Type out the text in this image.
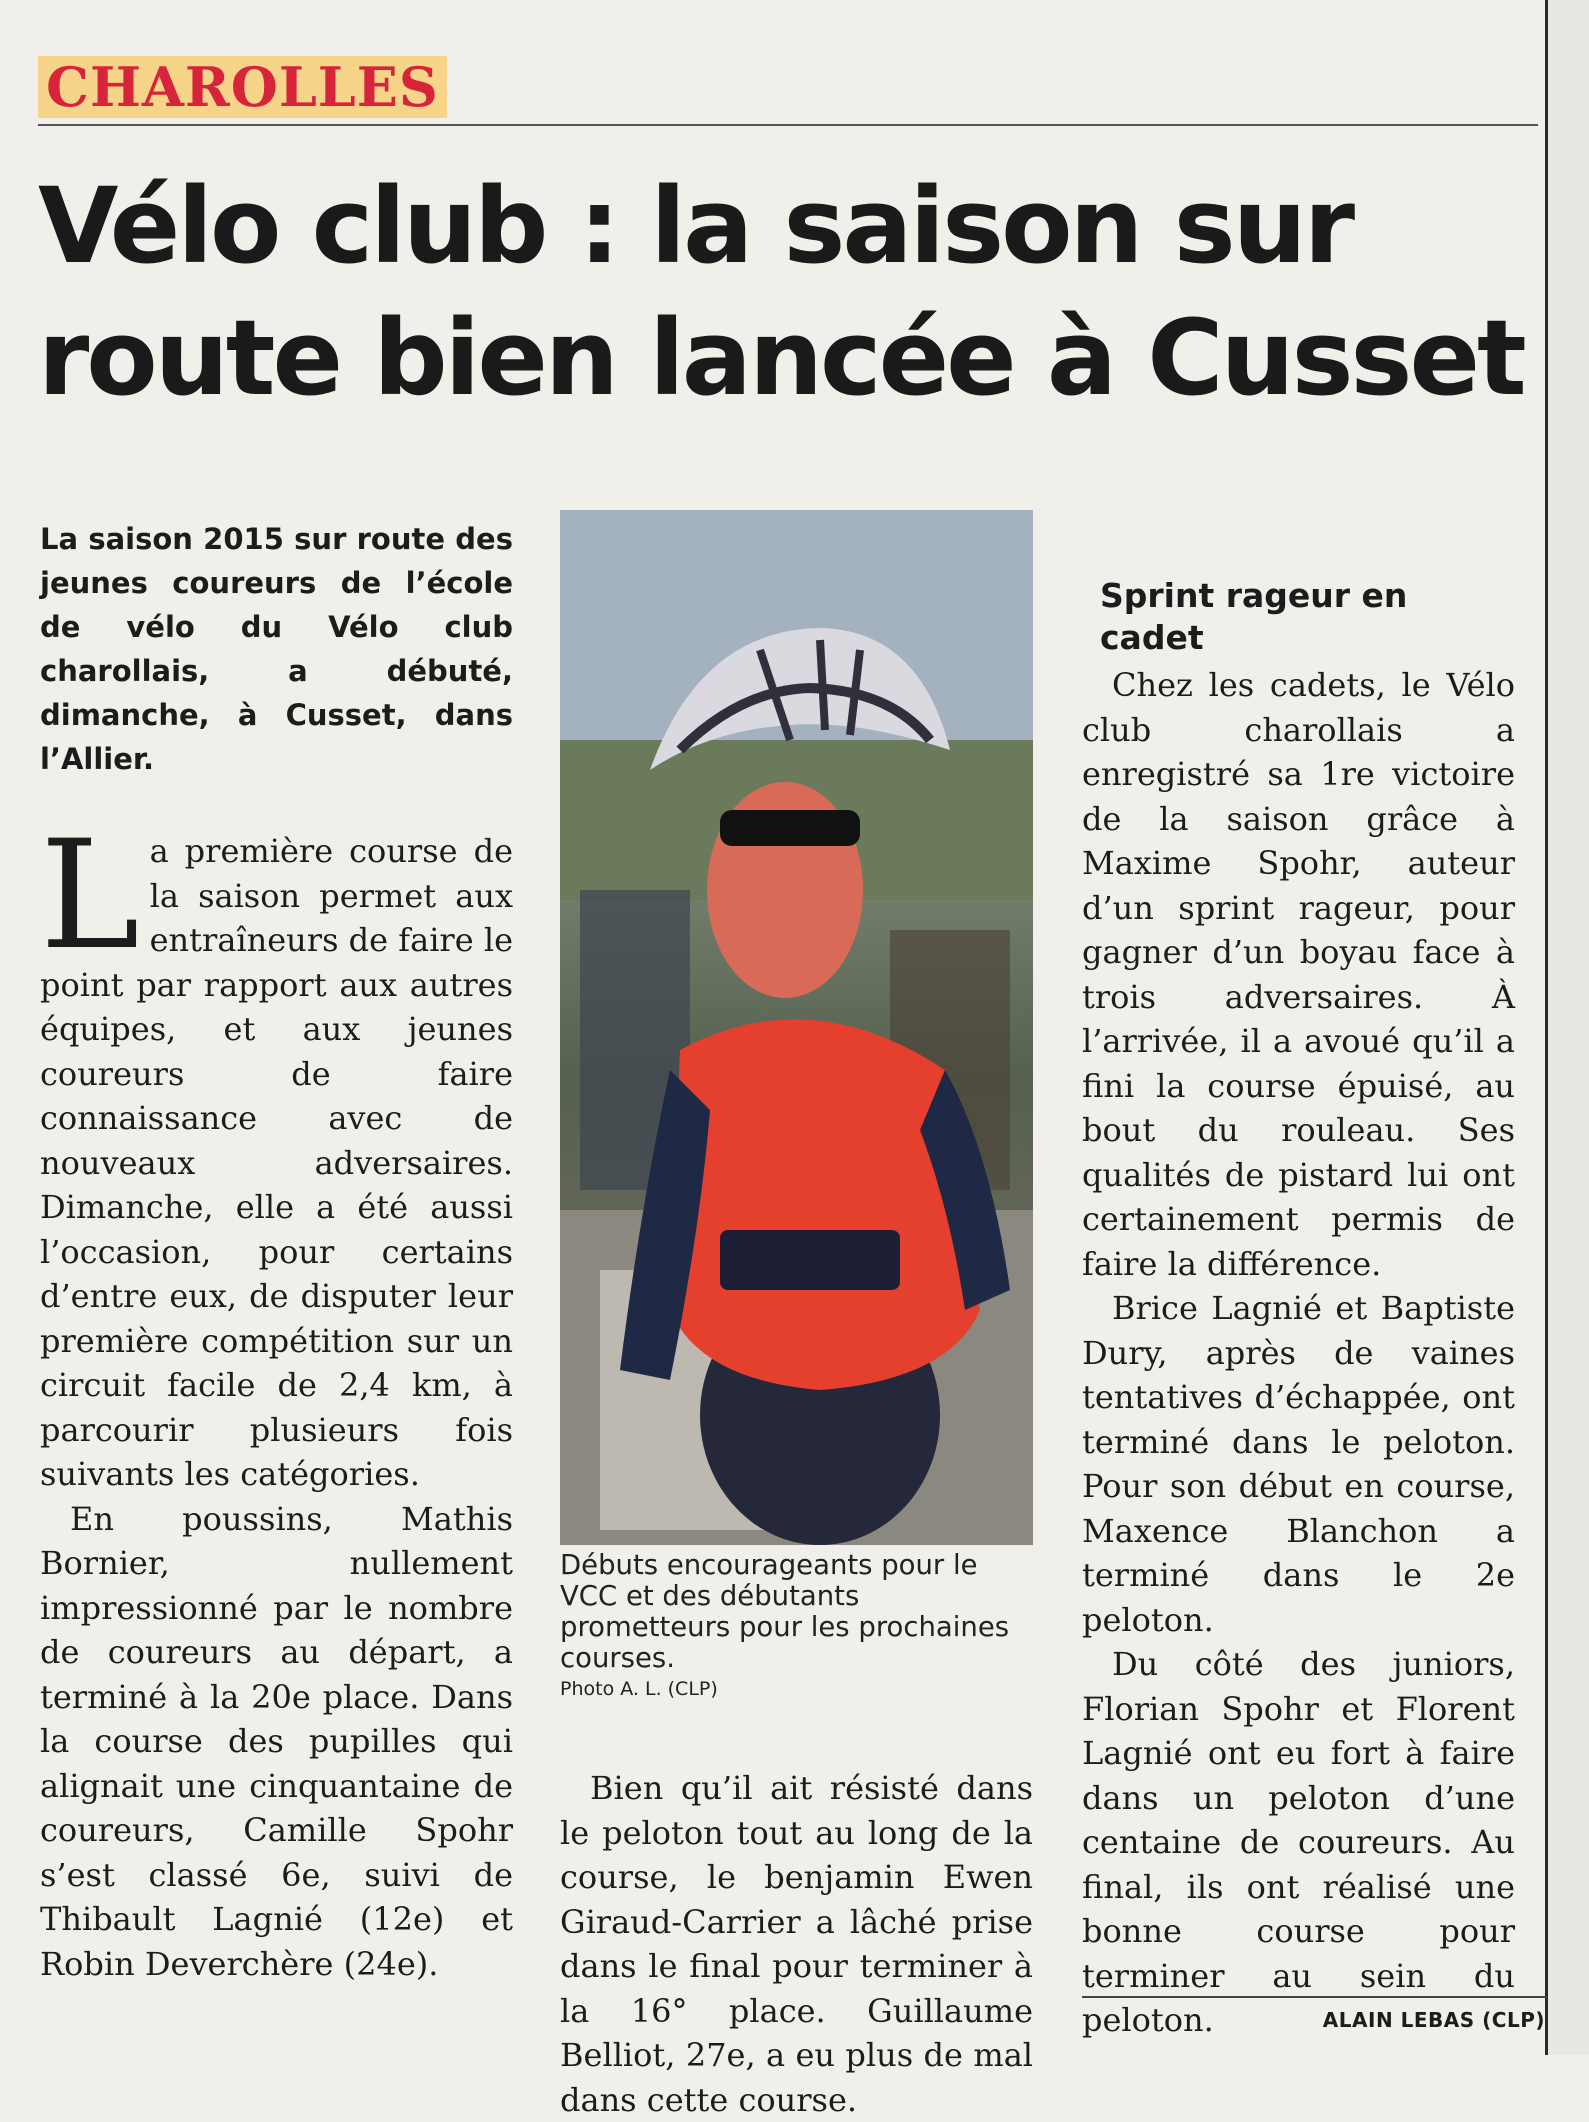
CHAROLLES
Vélo club : la saison sur
route bien lancée à Cusset

La saison 2015 sur route des jeunes coureurs de l’école de vélo du Vélo club charollais, a débuté, dimanche, à Cusset, dans l’Allier.

La première course de la saison permet aux entraîneurs de faire le point par rapport aux autres équipes, et aux jeunes coureurs de faire connaissance avec de nouveaux adversaires. Dimanche, elle a été aussi l’occasion, pour certains d’entre eux, de disputer leur première compétition sur un circuit facile de 2,4 km, à parcourir plusieurs fois suivants les catégories.

En poussins, Mathis Bornier, nullement impressionné par le nombre de coureurs au départ, a terminé à la 20e place. Dans la course des pupilles qui alignait une cinquantaine de coureurs, Camille Spohr s’est classé 6e, suivi de Thibault Lagnié (12e) et Robin Deverchère (24e).

Débuts encourageants pour le VCC et des débutants prometteurs pour les prochaines courses.
Photo A. L. (CLP)

Bien qu’il ait résisté dans le peloton tout au long de la course, le benjamin Ewen Giraud-Carrier a lâché prise dans le final pour terminer à la 16° place. Guillaume Belliot, 27e, a eu plus de mal dans cette course.

Sprint rageur en cadet

Chez les cadets, le Vélo club charollais a enregistré sa 1re victoire de la saison grâce à Maxime Spohr, auteur d’un sprint rageur, pour gagner d’un boyau face à trois adversaires. À l’arrivée, il a avoué qu’il a fini la course épuisé, au bout du rouleau. Ses qualités de pistard lui ont certainement permis de faire la différence.

Brice Lagnié et Baptiste Dury, après de vaines tentatives d’échappée, ont terminé dans le peloton. Pour son début en course, Maxence Blanchon a terminé dans le 2e peloton.

Du côté des juniors, Florian Spohr et Florent Lagnié ont eu fort à faire dans un peloton d’une centaine de coureurs. Au final, ils ont réalisé une bonne course pour terminer au sein du peloton.	ALAIN LEBAS (CLP)
